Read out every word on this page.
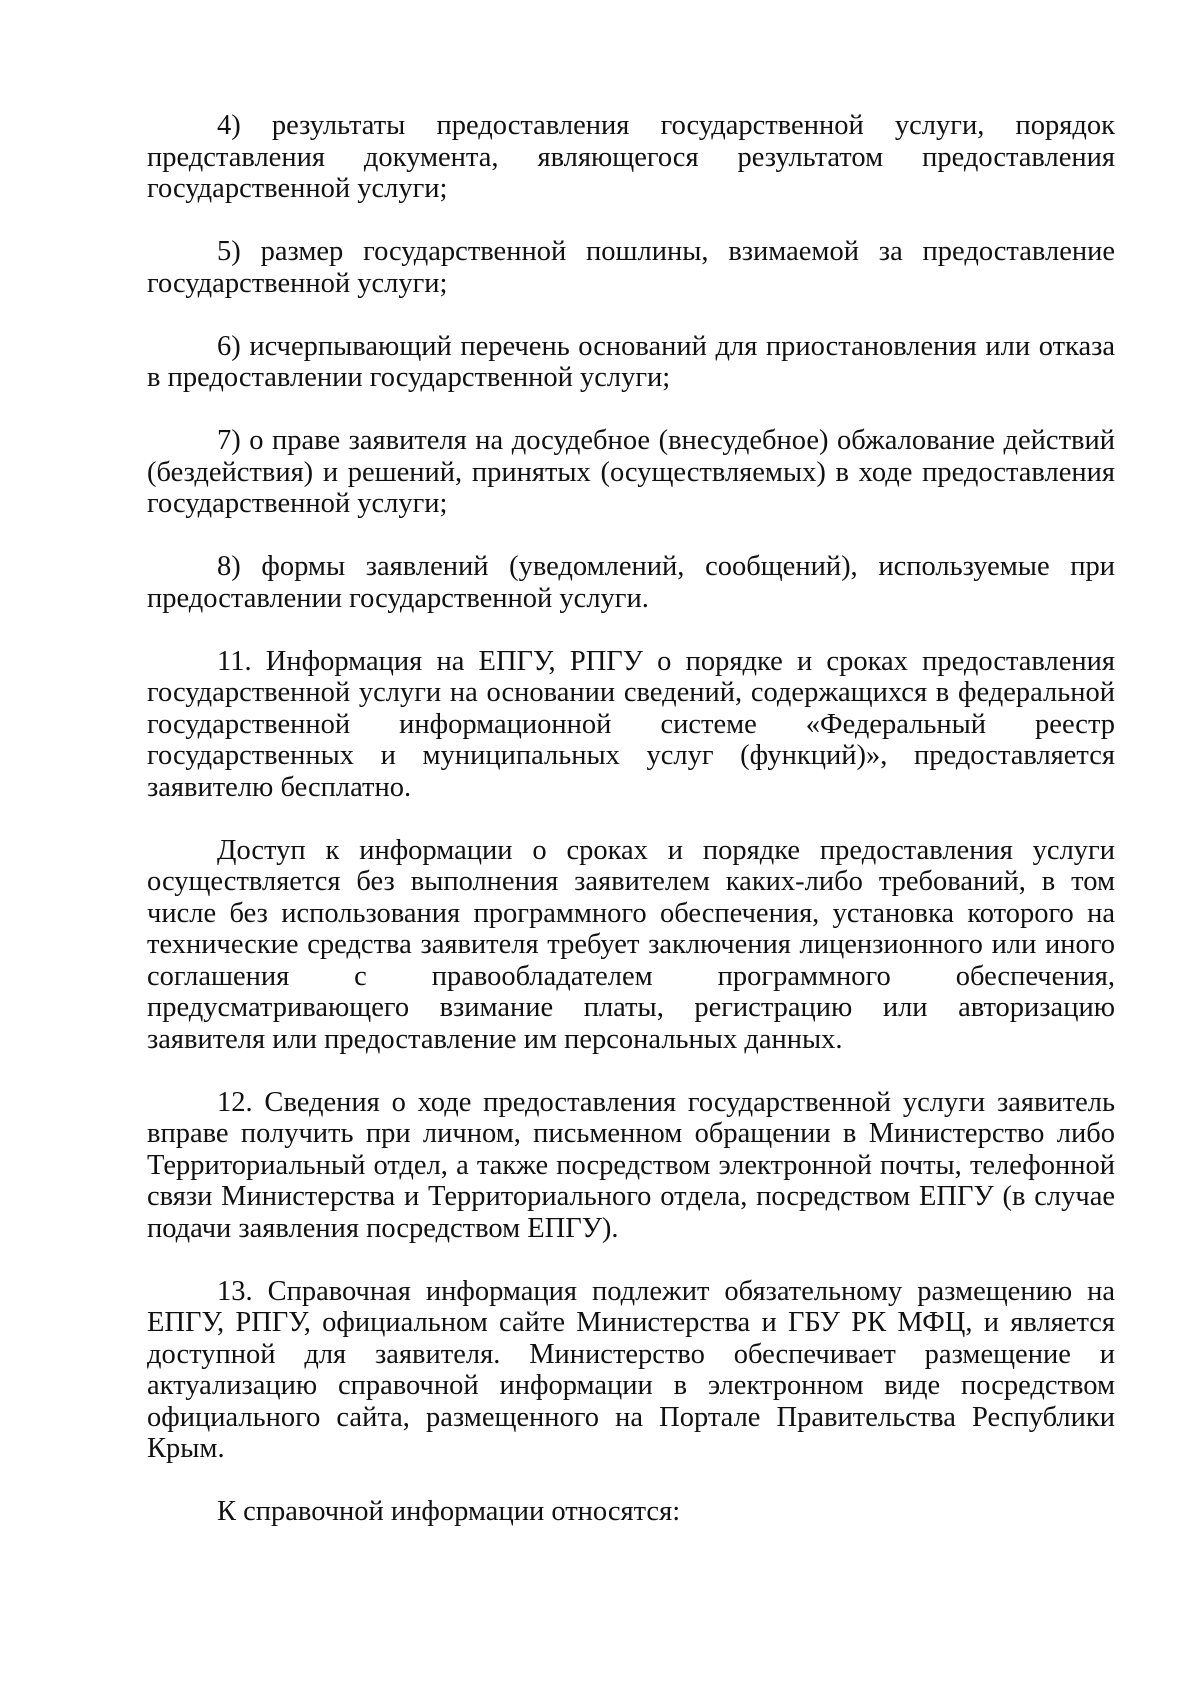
4) результаты предоставления государственной услуги, порядок представления документа, являющегося результатом предоставления государственной услуги;

5) размер государственной пошлины, взимаемой за предоставление государственной услуги;

6) исчерпывающий перечень оснований для приостановления или отказа в предоставлении государственной услуги;

7) о праве заявителя на досудебное (внесудебное) обжалование действий (бездействия) и решений, принятых (осуществляемых) в ходе предоставления государственной услуги;

8) формы заявлений (уведомлений, сообщений), используемые при предоставлении государственной услуги.

11. Информация на ЕПГУ, РПГУ о порядке и сроках предоставления государственной услуги на основании сведений, содержащихся в федеральной государственной информационной системе «Федеральный реестр государственных и муниципальных услуг (функций)», предоставляется заявителю бесплатно.

Доступ к информации о сроках и порядке предоставления услуги осуществляется без выполнения заявителем каких-либо требований, в том числе без использования программного обеспечения, установка которого на технические средства заявителя требует заключения лицензионного или иного соглашения с правообладателем программного обеспечения, предусматривающего взимание платы, регистрацию или авторизацию заявителя или предоставление им персональных данных.

12. Сведения о ходе предоставления государственной услуги заявитель вправе получить при личном, письменном обращении в Министерство либо Территориальный отдел, а также посредством электронной почты, телефонной связи Министерства и Территориального отдела, посредством ЕПГУ (в случае подачи заявления посредством ЕПГУ).

13. Справочная информация подлежит обязательному размещению на ЕПГУ, РПГУ, официальном сайте Министерства и ГБУ РК МФЦ, и является доступной для заявителя. Министерство обеспечивает размещение и актуализацию справочной информации в электронном виде посредством официального сайта, размещенного на Портале Правительства Республики Крым.

К справочной информации относятся:
